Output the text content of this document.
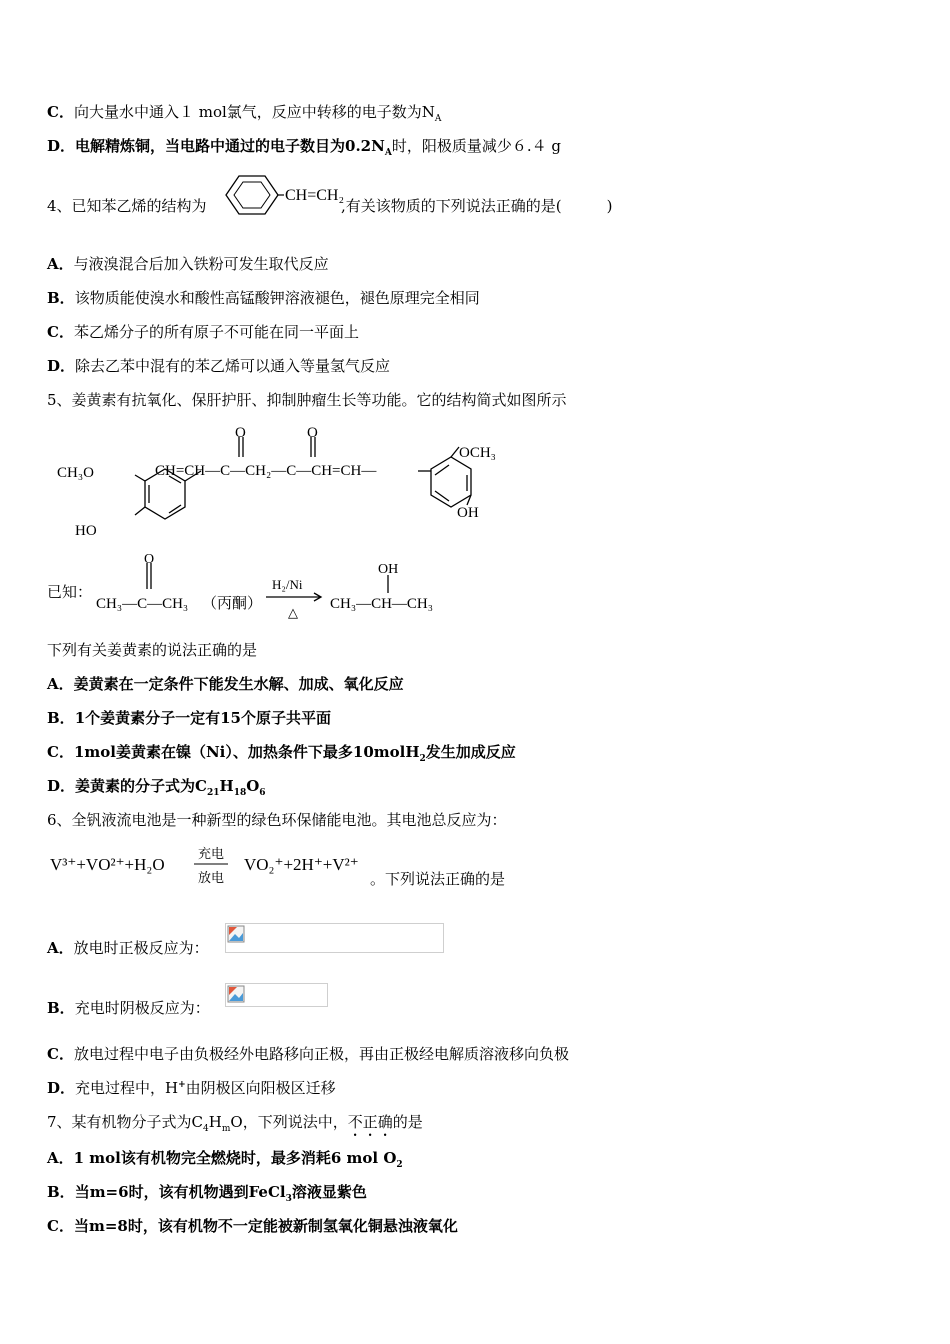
C．向大量水中通入１ mol氯气，反应中转移的电子数为$N_A$
D．电解精炼铜，当电路中通过的电子数目为$0.2N_A$时，阳极质量减少６.４ g
4、已知苯乙烯的结构为
CH=CH₂
,有关该物质的下列说法正确的是(　　　)
A．与液溴混合后加入铁粉可发生取代反应
B．该物质能使溴水和酸性高锰酸钾溶液褪色，褪色原理完全相同
C．苯乙烯分子的所有原子不可能在同一平面上
D．除去乙苯中混有的苯乙烯可以通入等量氢气反应
5、姜黄素有抗氧化、保肝护肝、抑制肿瘤生长等功能。它的结构简式如图所示
CH₃O
HO
O	O
CH=CH—C—CH₂—C—CH=CH—
OCH₃
OH
已知：
O
CH₃—C—CH₃ （丙酮）
H₂/Ni
△
OH
CH₃—CH—CH₃
下列有关姜黄素的说法正确的是
A．姜黄素在一定条件下能发生水解、加成、氧化反应
B．1个姜黄素分子一定有15个原子共平面
C．1mol姜黄素在镍（Ni）、加热条件下最多10molH$_2$发生加成反应
D．姜黄素的分子式为$C_{21}H_{18}O_6$
6、全钒液流电池是一种新型的绿色环保储能电池。其电池总反应为：
V³⁺+VO²⁺+H₂O
充电
放电
VO₂⁺+2H⁺+V²⁺
。下列说法正确的是
A．放电时正极反应为：
B．充电时阴极反应为：
C．放电过程中电子由负极经外电路移向正极，再由正极经电解质溶液移向负极
D．充电过程中，H+由阴极区向阳极区迁移
7、某有机物分子式为$C_4H_mO$，下列说法中，不正确的是
A．1 mol该有机物完全燃烧时，最多消耗6 mol $O_2$
B．当m=6时，该有机物遇到FeCl$_3$溶液显紫色
C．当m=8时，该有机物不一定能被新制氢氧化铜悬浊液氧化
